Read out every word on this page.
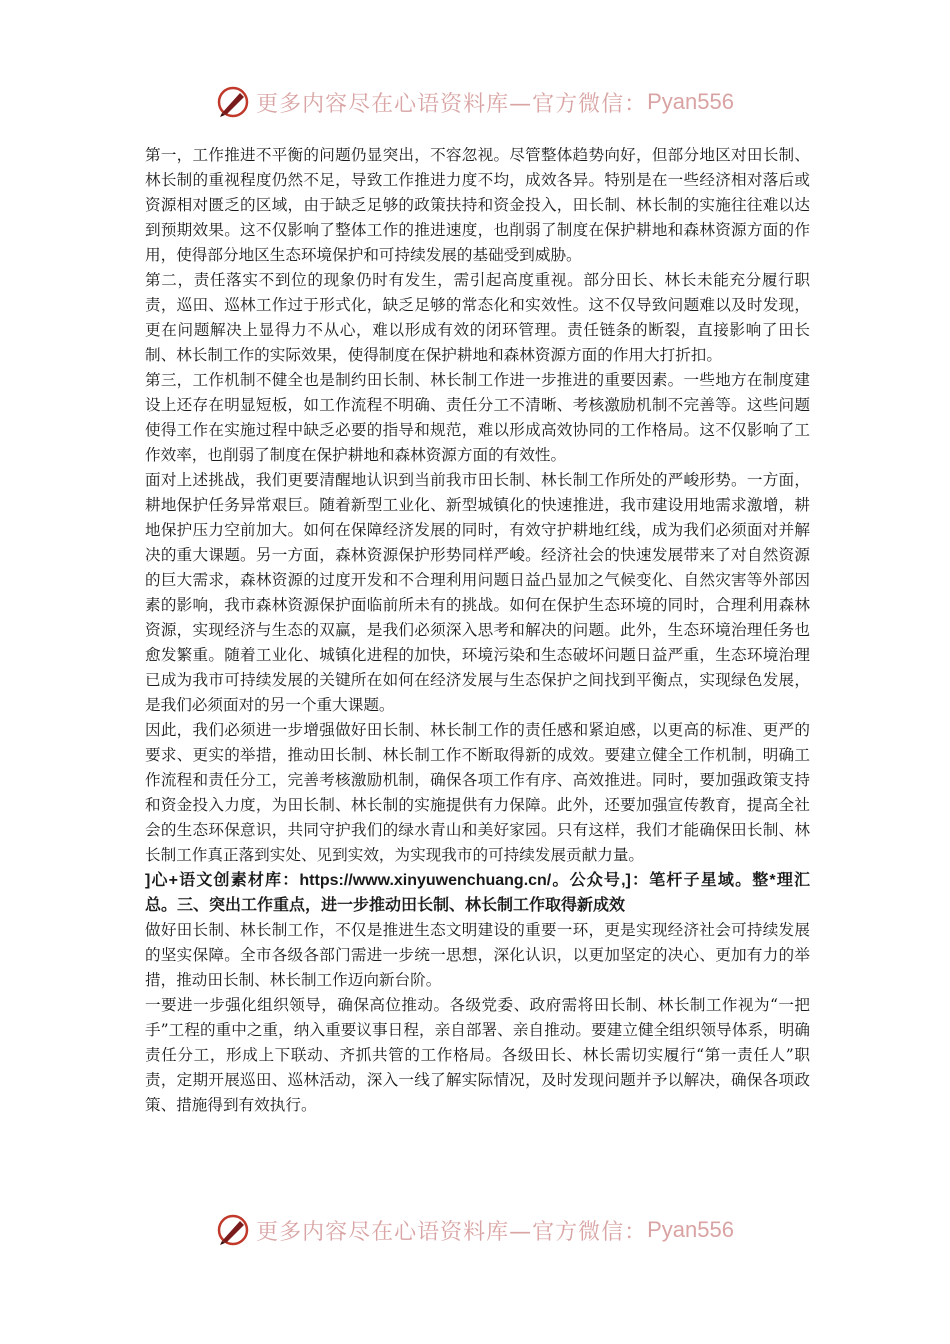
更多内容尽在心语资料库—官方微信： Pyan556

第一，工作推进不平衡的问题仍显突出，不容忽视。尽管整体趋势向好，但部分地区对田长制、林长制的重视程度仍然不足，导致工作推进力度不均，成效各异。特别是在一些经济相对落后或资源相对匮乏的区域，由于缺乏足够的政策扶持和资金投入，田长制、林长制的实施往往难以达到预期效果。这不仅影响了整体工作的推进速度，也削弱了制度在保护耕地和森林资源方面的作用，使得部分地区生态环境保护和可持续发展的基础受到威胁。

第二，责任落实不到位的现象仍时有发生，需引起高度重视。部分田长、林长未能充分履行职责，巡田、巡林工作过于形式化，缺乏足够的常态化和实效性。这不仅导致问题难以及时发现，更在问题解决上显得力不从心，难以形成有效的闭环管理。责任链条的断裂，直接影响了田长制、林长制工作的实际效果，使得制度在保护耕地和森林资源方面的作用大打折扣。

第三，工作机制不健全也是制约田长制、林长制工作进一步推进的重要因素。一些地方在制度建设上还存在明显短板，如工作流程不明确、责任分工不清晰、考核激励机制不完善等。这些问题使得工作在实施过程中缺乏必要的指导和规范，难以形成高效协同的工作格局。这不仅影响了工作效率，也削弱了制度在保护耕地和森林资源方面的有效性。

面对上述挑战，我们更要清醒地认识到当前我市田长制、林长制工作所处的严峻形势。一方面，耕地保护任务异常艰巨。随着新型工业化、新型城镇化的快速推进，我市建设用地需求激增，耕地保护压力空前加大。如何在保障经济发展的同时，有效守护耕地红线，成为我们必须面对并解决的重大课题。另一方面，森林资源保护形势同样严峻。经济社会的快速发展带来了对自然资源的巨大需求，森林资源的过度开发和不合理利用问题日益凸显加之气候变化、自然灾害等外部因素的影响，我市森林资源保护面临前所未有的挑战。如何在保护生态环境的同时，合理利用森林资源，实现经济与生态的双赢，是我们必须深入思考和解决的问题。此外，生态环境治理任务也愈发繁重。随着工业化、城镇化进程的加快，环境污染和生态破坏问题日益严重，生态环境治理已成为我市可持续发展的关键所在如何在经济发展与生态保护之间找到平衡点，实现绿色发展，是我们必须面对的另一个重大课题。

因此，我们必须进一步增强做好田长制、林长制工作的责任感和紧迫感，以更高的标准、更严的要求、更实的举措，推动田长制、林长制工作不断取得新的成效。要建立健全工作机制，明确工作流程和责任分工，完善考核激励机制，确保各项工作有序、高效推进。同时，要加强政策支持和资金投入力度，为田长制、林长制的实施提供有力保障。此外，还要加强宣传教育，提高全社会的生态环保意识，共同守护我们的绿水青山和美好家园。只有这样，我们才能确保田长制、林长制工作真正落到实处、见到实效，为实现我市的可持续发展贡献力量。

]心+语文创素材库：https://www.xinyuwenchuang.cn/。公众号,]：笔杆子星域。整*理汇总。三、突出工作重点，进一步推动田长制、林长制工作取得新成效

做好田长制、林长制工作，不仅是推进生态文明建设的重要一环，更是实现经济社会可持续发展的坚实保障。全市各级各部门需进一步统一思想，深化认识，以更加坚定的决心、更加有力的举措，推动田长制、林长制工作迈向新台阶。

一要进一步强化组织领导，确保高位推动。各级党委、政府需将田长制、林长制工作视为“一把手”工程的重中之重，纳入重要议事日程，亲自部署、亲自推动。要建立健全组织领导体系，明确责任分工，形成上下联动、齐抓共管的工作格局。各级田长、林长需切实履行“第一责任人”职责，定期开展巡田、巡林活动，深入一线了解实际情况，及时发现问题并予以解决，确保各项政策、措施得到有效执行。

更多内容尽在心语资料库—官方微信： Pyan556
